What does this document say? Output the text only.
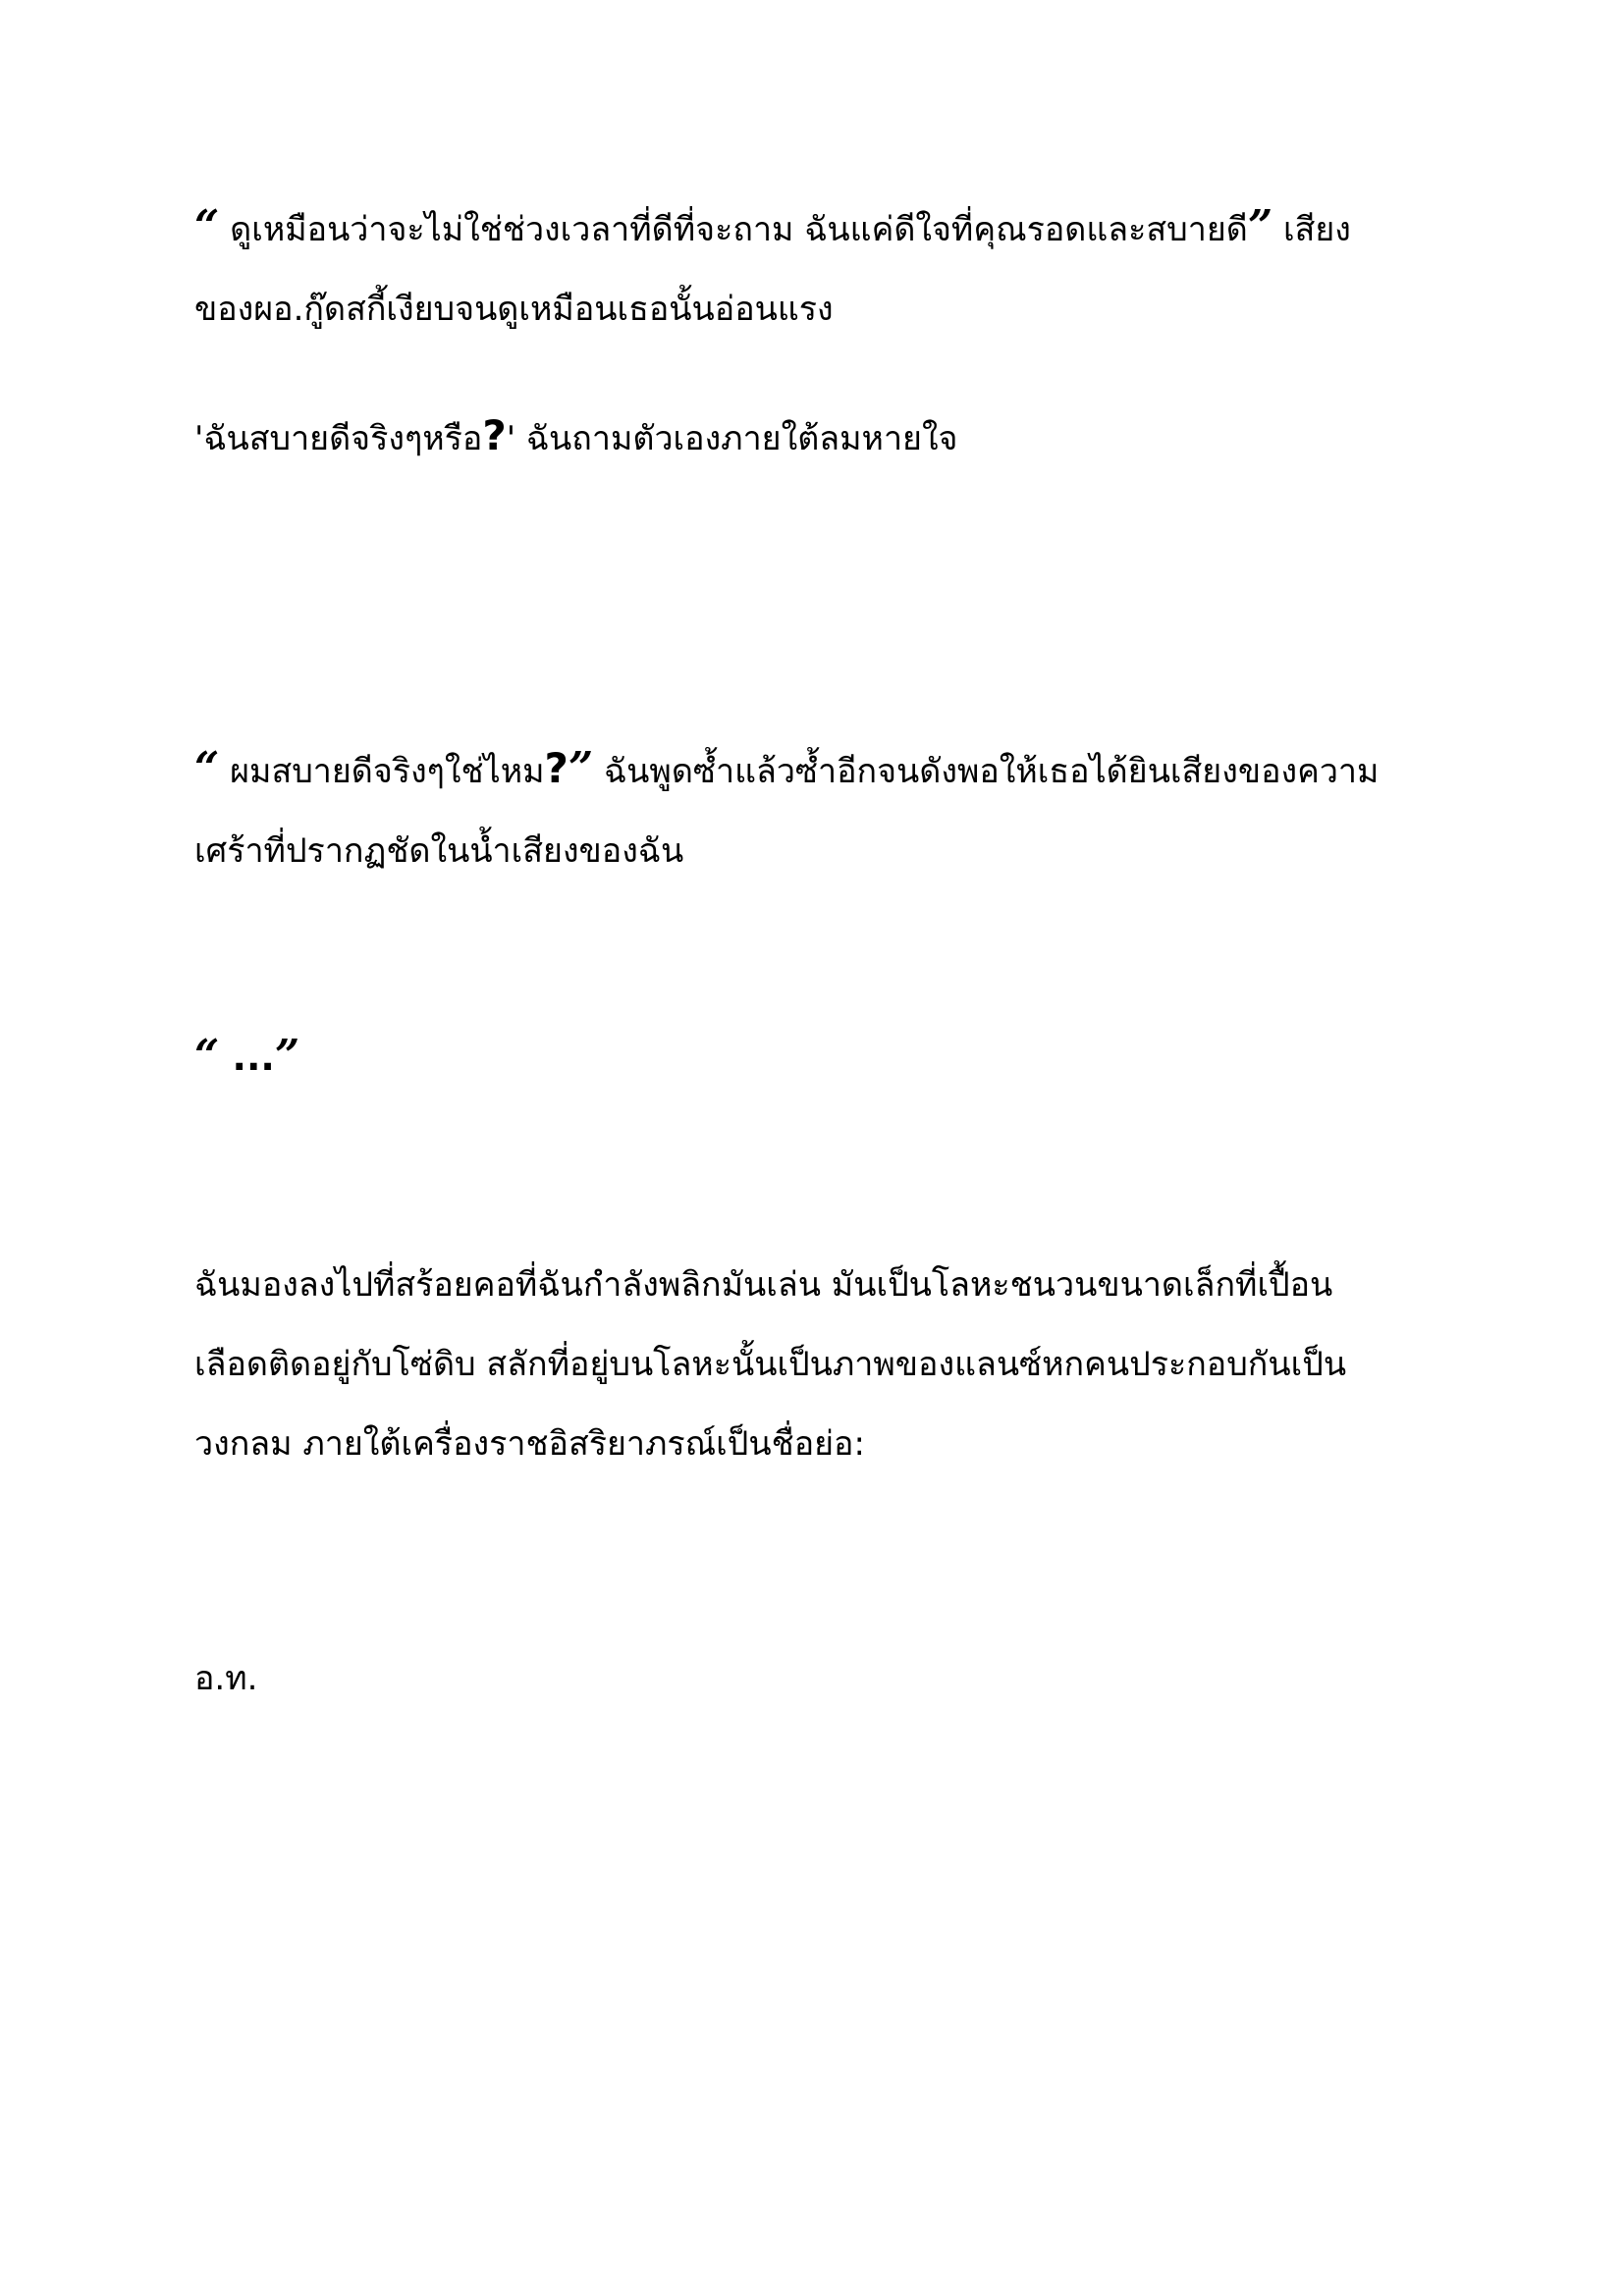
“ ดูเหมือนว่าจะไม่ใช่ช่วงเวลาที่ดีที่จะถาม ฉันแค่ดีใจที่คุณรอดและสบายดี” เสียง
ของผอ.กู๊ดสกี้เงียบจนดูเหมือนเธอนั้นอ่อนแรง

'ฉันสบายดีจริงๆหรือ?' ฉันถามตัวเองภายใต้ลมหายใจ

“ ผมสบายดีจริงๆใช่ไหม?” ฉันพูดซ้ำแล้วซ้ำอีกจนดังพอให้เธอได้ยินเสียงของความ
เศร้าที่ปรากฏชัดในน้ำเสียงของฉัน

“ ...”

ฉันมองลงไปที่สร้อยคอที่ฉันกำลังพลิกมันเล่น มันเป็นโลหะชนวนขนาดเล็กที่เปื้อน
เลือดติดอยู่กับโซ่ดิบ สลักที่อยู่บนโลหะนั้นเป็นภาพของแลนซ์หกคนประกอบกันเป็น
วงกลม ภายใต้เครื่องราชอิสริยาภรณ์เป็นชื่อย่อ:

อ.ท.
